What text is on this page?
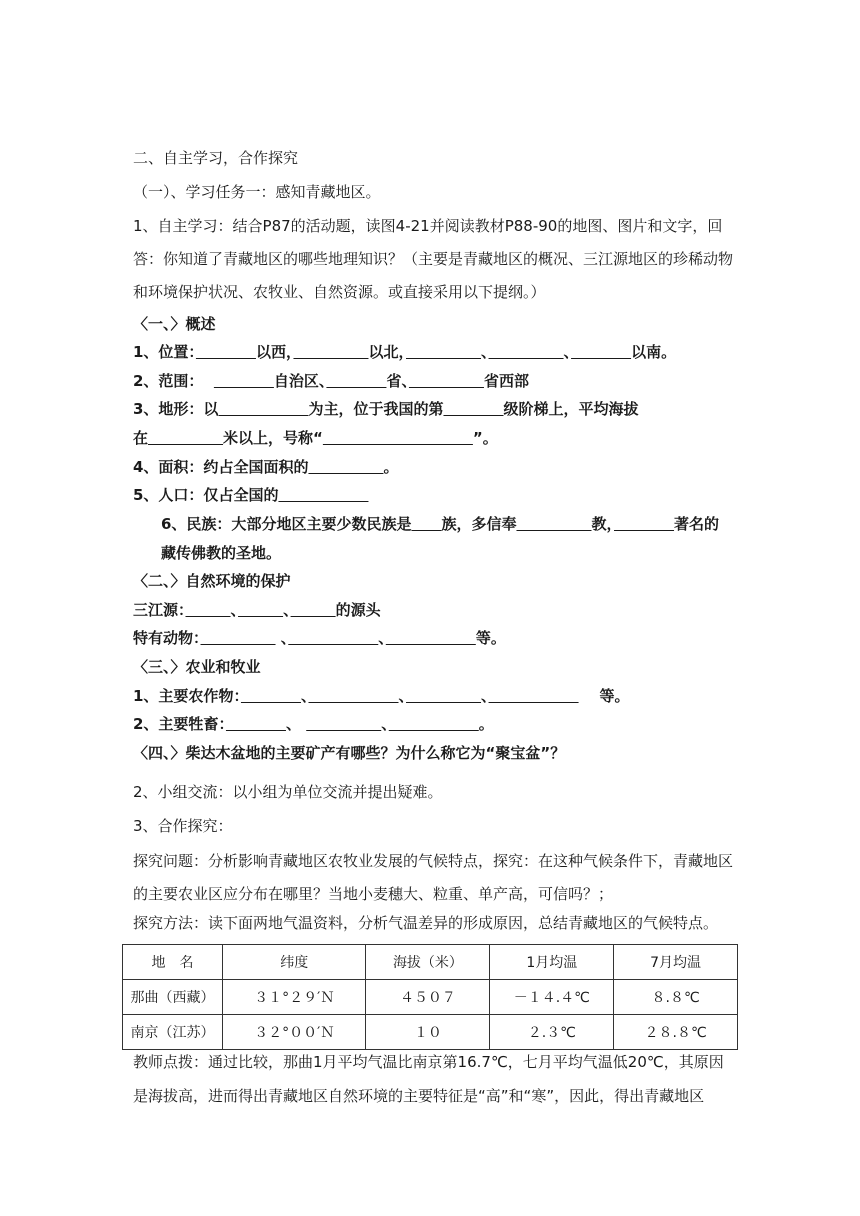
二、自主学习，合作探究
（一）、学习任务一：感知青藏地区。
1、自主学习：结合P87的活动题，读图4-21并阅读教材P88-90的地图、图片和文字，回
答：你知道了青藏地区的哪些地理知识？（主要是青藏地区的概况、三江源地区的珍稀动物
和环境保护状况、农牧业、自然资源。或直接采用以下提纲。）
〈一、〉概述
1、位置：　　　　	以西，　　　　　	以北，　　　　　	、　　　　　	、　　　　	以南。
2、范围：  　　　　	自治区、　　　　	省、　　　　　	省西部
3、地形：以　　　　　　	为主，位于我国的第　　　　	级阶梯上，平均海拔
在　　　　　	米以上，号称“　　　　　　　　　　	”。
4、面积：约占全国面积的　　　　　	。
5、人口：仅占全国的　　　　　　
6、民族：大部分地区主要少数民族是　　 族，多信奉　　　　　	教，　　　　	著名的
藏传佛教的圣地。
〈二、〉自然环境的保护
三江源：　　　	、　　　	、　　　	的源头
特有动物：　　　　　	、　　　　　　	、　　　　　　	等。
〈三、〉农业和牧业
1、主要农作物：　　　　	、　　　　　　	、　　　　　	、　　　　　　	等。
2、主要牲畜：　　　　	、 　　　　　	、　　　　　　	。
〈四、〉柴达木盆地的主要矿产有哪些？为什么称它为“聚宝盆”？
2、小组交流：以小组为单位交流并提出疑难。
3、合作探究：
探究问题：分析影响青藏地区农牧业发展的气候特点，探究：在这种气候条件下，青藏地区
的主要农业区应分布在哪里？当地小麦穗大、粒重、单产高，可信吗？；
探究方法：读下面两地气温资料，分析气温差异的形成原因，总结青藏地区的气候特点。
地　名	纬度	海拔（米）	1月均温	7月均温
那曲（西藏）	３１°２９′Ｎ	４５０７	－１４.４℃	８.８℃
南京（江苏）	３２°００′Ｎ	１０	２.３℃	２８.８℃
教师点拨：通过比较，那曲1月平均气温比南京第16.7℃，七月平均气温低20℃，其原因
是海拔高，进而得出青藏地区自然环境的主要特征是“高”和“寒”，因此，得出青藏地区
